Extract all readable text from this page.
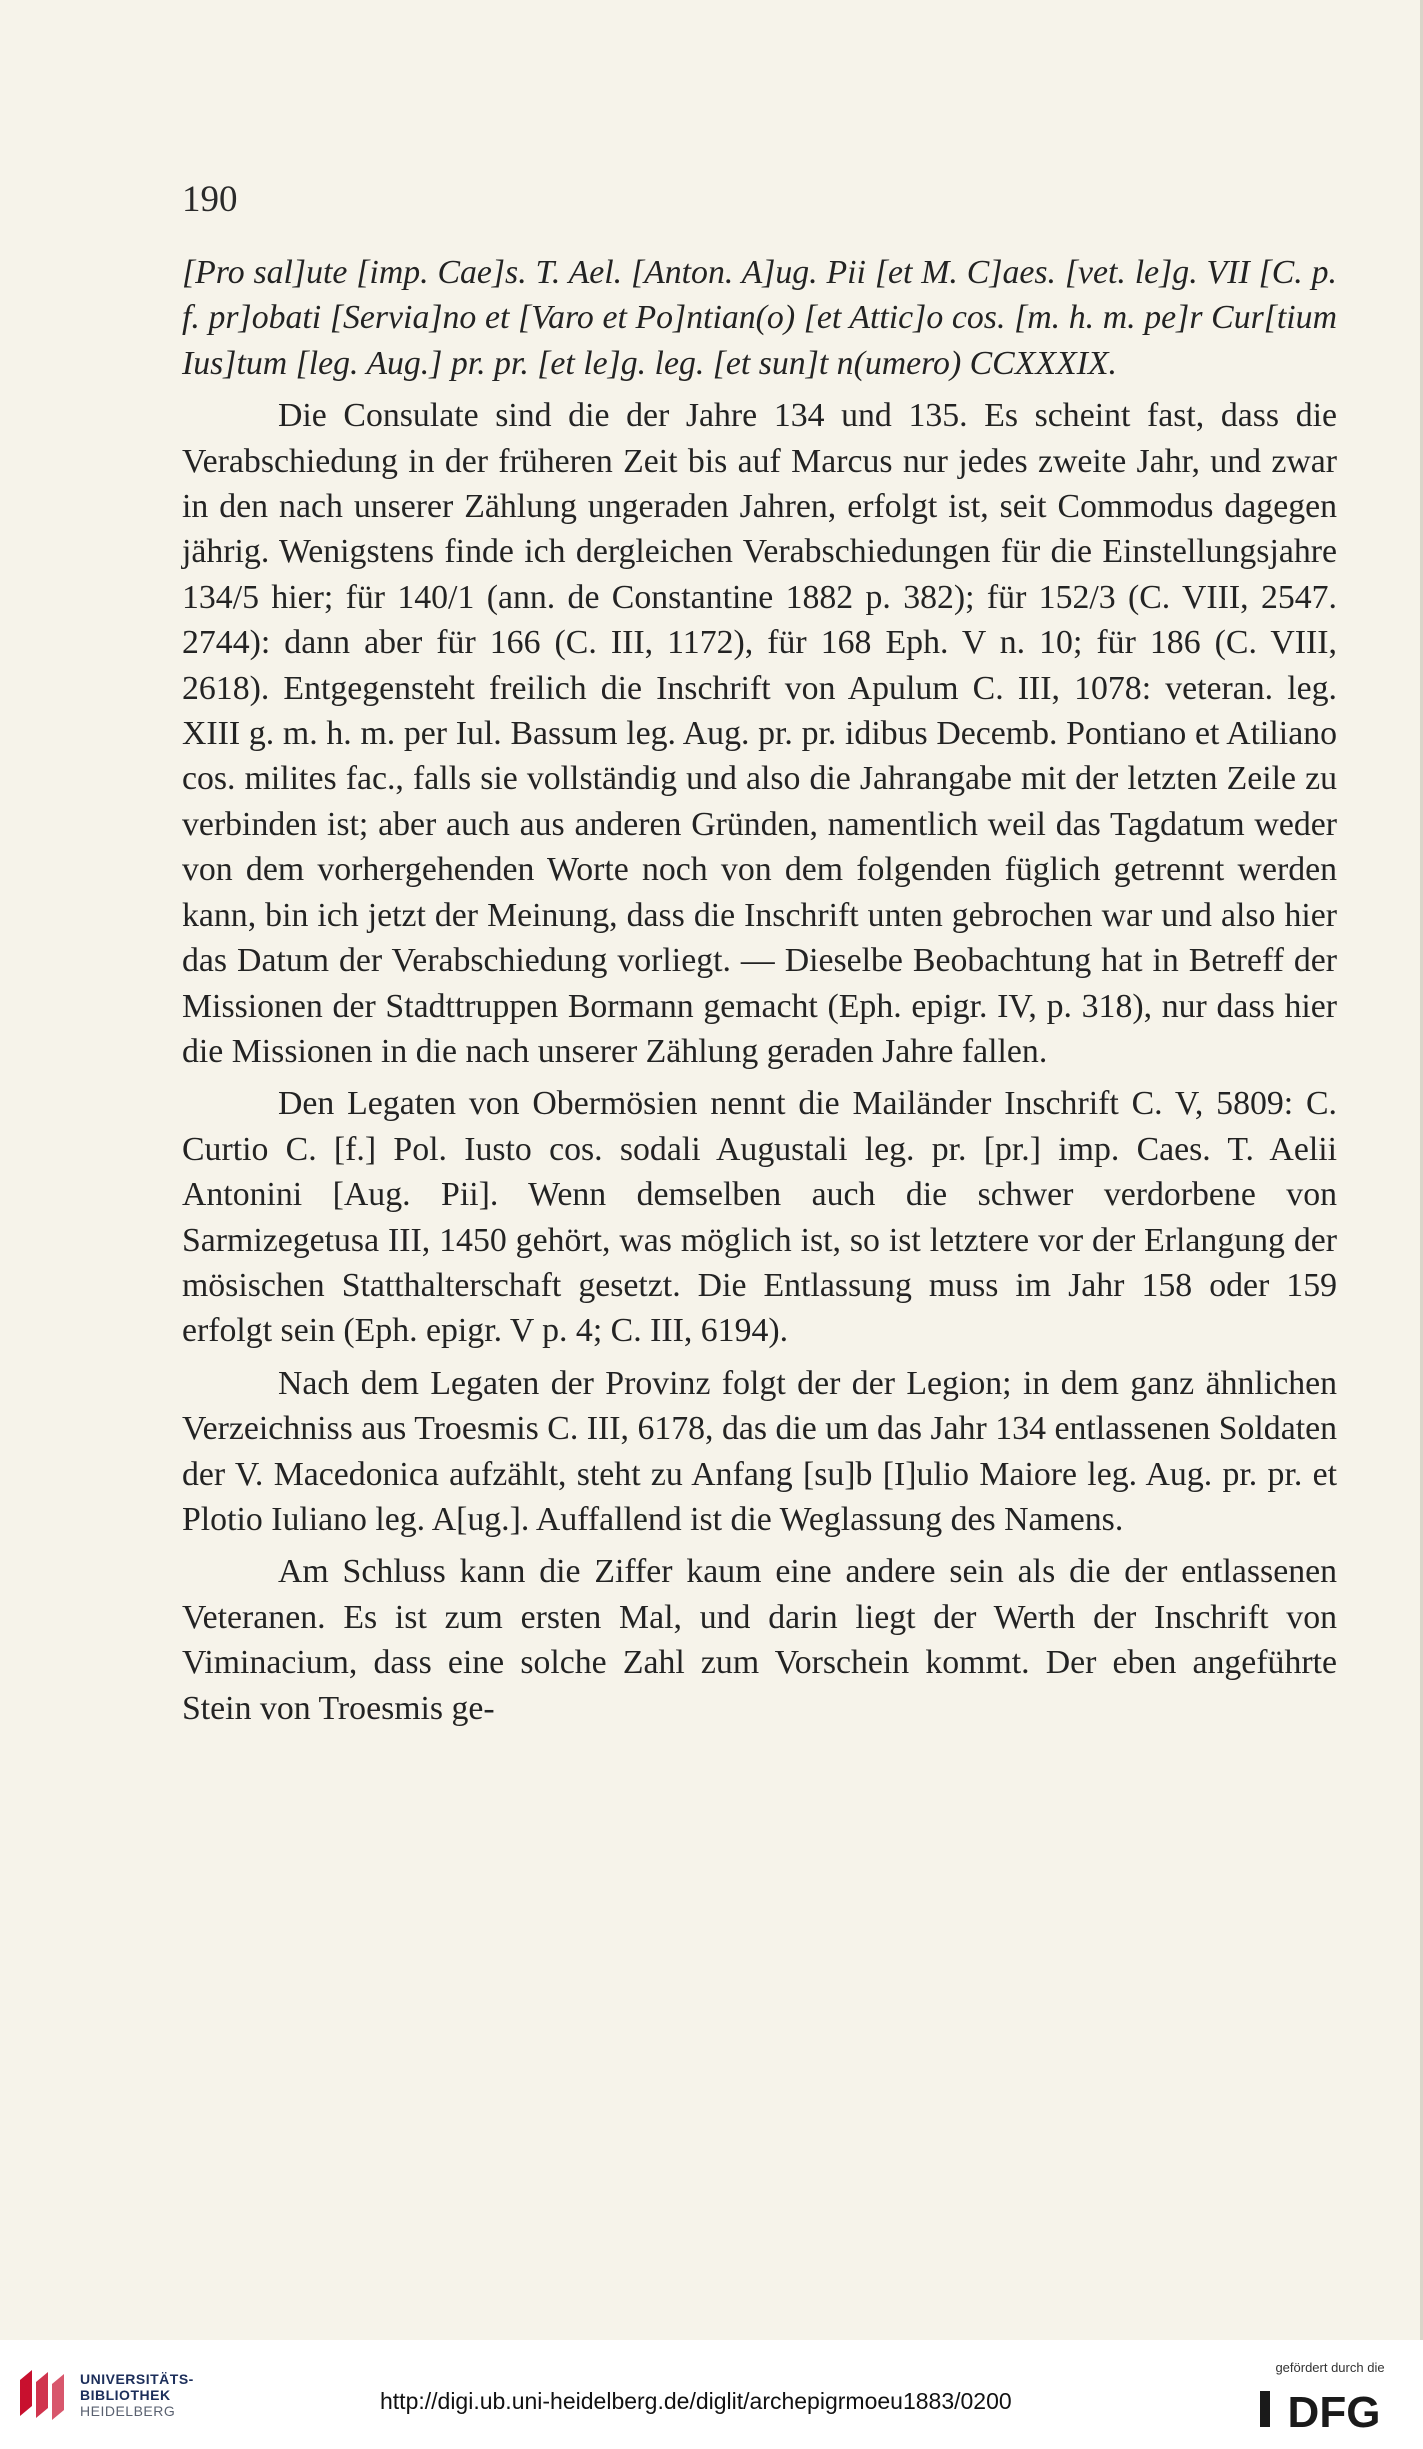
190

[Pro sal]ute [imp. Cae]s. T. Ael. [Anton. A]ug. Pii [et M. C]aes. [vet. le]g. VII [C. p. f. pr]obati [Servia]no et [Varo et Po]ntian(o) [et Attic]o cos. [m. h. m. pe]r Cur[tium Ius]tum [leg. Aug.] pr. pr. [et le]g. leg. [et sun]t n(umero) CCXXXIX.

Die Consulate sind die der Jahre 134 und 135. Es scheint fast, dass die Verabschiedung in der früheren Zeit bis auf Marcus nur jedes zweite Jahr, und zwar in den nach unserer Zählung ungeraden Jahren, erfolgt ist, seit Commodus dagegen jährig. Wenigstens finde ich dergleichen Verabschiedungen für die Einstellungsjahre 134/5 hier; für 140/1 (ann. de Constantine 1882 p. 382); für 152/3 (C. VIII, 2547. 2744): dann aber für 166 (C. III, 1172), für 168 Eph. V n. 10; für 186 (C. VIII, 2618). Entgegensteht freilich die Inschrift von Apulum C. III, 1078: veteran. leg. XIII g. m. h. m. per Iul. Bassum leg. Aug. pr. pr. idibus Decemb. Pontiano et Atiliano cos. milites fac., falls sie vollständig und also die Jahrangabe mit der letzten Zeile zu verbinden ist; aber auch aus anderen Gründen, namentlich weil das Tagdatum weder von dem vorhergehenden Worte noch von dem folgenden füglich getrennt werden kann, bin ich jetzt der Meinung, dass die Inschrift unten gebrochen war und also hier das Datum der Verabschiedung vorliegt. — Dieselbe Beobachtung hat in Betreff der Missionen der Stadttruppen Bormann gemacht (Eph. epigr. IV, p. 318), nur dass hier die Missionen in die nach unserer Zählung geraden Jahre fallen.

Den Legaten von Obermösien nennt die Mailänder Inschrift C. V, 5809: C. Curtio C. [f.] Pol. Iusto cos. sodali Augustali leg. pr. [pr.] imp. Caes. T. Aelii Antonini [Aug. Pii]. Wenn demselben auch die schwer verdorbene von Sarmizegetusa III, 1450 gehört, was möglich ist, so ist letztere vor der Erlangung der mösischen Statthalterschaft gesetzt. Die Entlassung muss im Jahr 158 oder 159 erfolgt sein (Eph. epigr. V p. 4; C. III, 6194).

Nach dem Legaten der Provinz folgt der der Legion; in dem ganz ähnlichen Verzeichniss aus Troesmis C. III, 6178, das die um das Jahr 134 entlassenen Soldaten der V. Macedonica aufzählt, steht zu Anfang [su]b [I]ulio Maiore leg. Aug. pr. pr. et Plotio Iuliano leg. A[ug.]. Auffallend ist die Weglassung des Namens.

Am Schluss kann die Ziffer kaum eine andere sein als die der entlassenen Veteranen. Es ist zum ersten Mal, und darin liegt der Werth der Inschrift von Viminacium, dass eine solche Zahl zum Vorschein kommt. Der eben angeführte Stein von Troesmis ge-

UNIVERSITÄTS-
BIBLIOTHEK
HEIDELBERG	http://digi.ub.uni-heidelberg.de/diglit/archepigrmoeu1883/0200
gefördert durch die
DFG
